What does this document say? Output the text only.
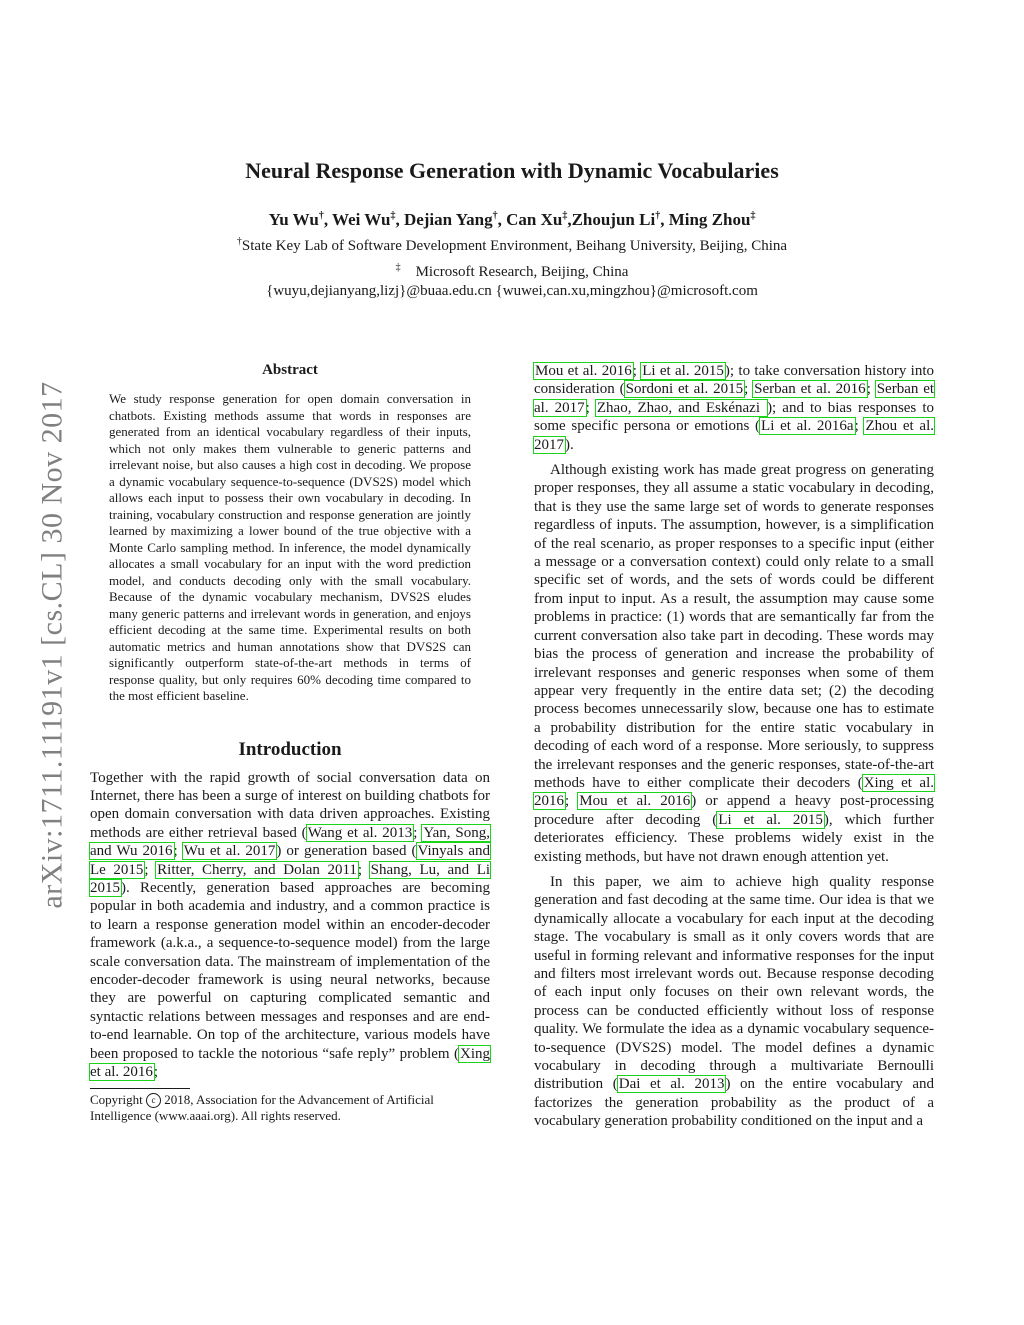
arXiv:1711.11191v1 [cs.CL] 30 Nov 2017
Neural Response Generation with Dynamic Vocabularies
Yu Wu†, Wei Wu‡, Dejian Yang†, Can Xu‡,Zhoujun Li†, Ming Zhou‡
†State Key Lab of Software Development Environment, Beihang University, Beijing, China
‡ Microsoft Research, Beijing, China
{wuyu,dejianyang,lizj}@buaa.edu.cn {wuwei,can.xu,mingzhou}@microsoft.com
Abstract

We study response generation for open domain conversation in chatbots. Existing methods assume that words in responses are generated from an identical vocabulary regardless of their inputs, which not only makes them vulnerable to generic patterns and irrelevant noise, but also causes a high cost in decoding. We propose a dynamic vocabulary sequence-to-sequence (DVS2S) model which allows each input to possess their own vocabulary in decoding. In training, vocabulary construction and response generation are jointly learned by maximizing a lower bound of the true objective with a Monte Carlo sampling method. In inference, the model dynamically allocates a small vocabulary for an input with the word prediction model, and conducts decoding only with the small vocabulary. Because of the dynamic vocabulary mechanism, DVS2S eludes many generic patterns and irrelevant words in generation, and enjoys efficient decoding at the same time. Experimental results on both automatic metrics and human annotations show that DVS2S can significantly outperform state-of-the-art methods in terms of response quality, but only requires 60% decoding time compared to the most efficient baseline.

Introduction

Together with the rapid growth of social conversation data on Internet, there has been a surge of interest on building chatbots for open domain conversation with data driven approaches. Existing methods are either retrieval based (Wang et al. 2013; Yan, Song, and Wu 2016; Wu et al. 2017) or generation based (Vinyals and Le 2015; Ritter, Cherry, and Dolan 2011; Shang, Lu, and Li 2015). Recently, generation based approaches are becoming popular in both academia and industry, and a common practice is to learn a response generation model within an encoder-decoder framework (a.k.a., a sequence-to-sequence model) from the large scale conversation data. The mainstream of implementation of the encoder-decoder framework is using neural networks, because they are powerful on capturing complicated semantic and syntactic relations between messages and responses and are end-to-end learnable. On top of the architecture, various models have been proposed to tackle the notorious “safe reply” problem (Xing et al. 2016;

Copyright c 2018, Association for the Advancement of Artificial Intelligence (www.aaai.org). All rights reserved.

Mou et al. 2016; Li et al. 2015); to take conversation history into consideration (Sordoni et al. 2015; Serban et al. 2016; Serban et al. 2017; Zhao, Zhao, and Eskénazi ); and to bias responses to some specific persona or emotions (Li et al. 2016a; Zhou et al. 2017).

Although existing work has made great progress on generating proper responses, they all assume a static vocabulary in decoding, that is they use the same large set of words to generate responses regardless of inputs. The assumption, however, is a simplification of the real scenario, as proper responses to a specific input (either a message or a conversation context) could only relate to a small specific set of words, and the sets of words could be different from input to input. As a result, the assumption may cause some problems in practice: (1) words that are semantically far from the current conversation also take part in decoding. These words may bias the process of generation and increase the probability of irrelevant responses and generic responses when some of them appear very frequently in the entire data set; (2) the decoding process becomes unnecessarily slow, because one has to estimate a probability distribution for the entire static vocabulary in decoding of each word of a response. More seriously, to suppress the irrelevant responses and the generic responses, state-of-the-art methods have to either complicate their decoders (Xing et al. 2016; Mou et al. 2016) or append a heavy post-processing procedure after decoding (Li et al. 2015), which further deteriorates efficiency. These problems widely exist in the existing methods, but have not drawn enough attention yet.

In this paper, we aim to achieve high quality response generation and fast decoding at the same time. Our idea is that we dynamically allocate a vocabulary for each input at the decoding stage. The vocabulary is small as it only covers words that are useful in forming relevant and informative responses for the input and filters most irrelevant words out. Because response decoding of each input only focuses on their own relevant words, the process can be conducted efficiently without loss of response quality. We formulate the idea as a dynamic vocabulary sequence-to-sequence (DVS2S) model. The model defines a dynamic vocabulary in decoding through a multivariate Bernoulli distribution (Dai et al. 2013) on the entire vocabulary and factorizes the generation probability as the product of a vocabulary generation probability conditioned on the input and a
